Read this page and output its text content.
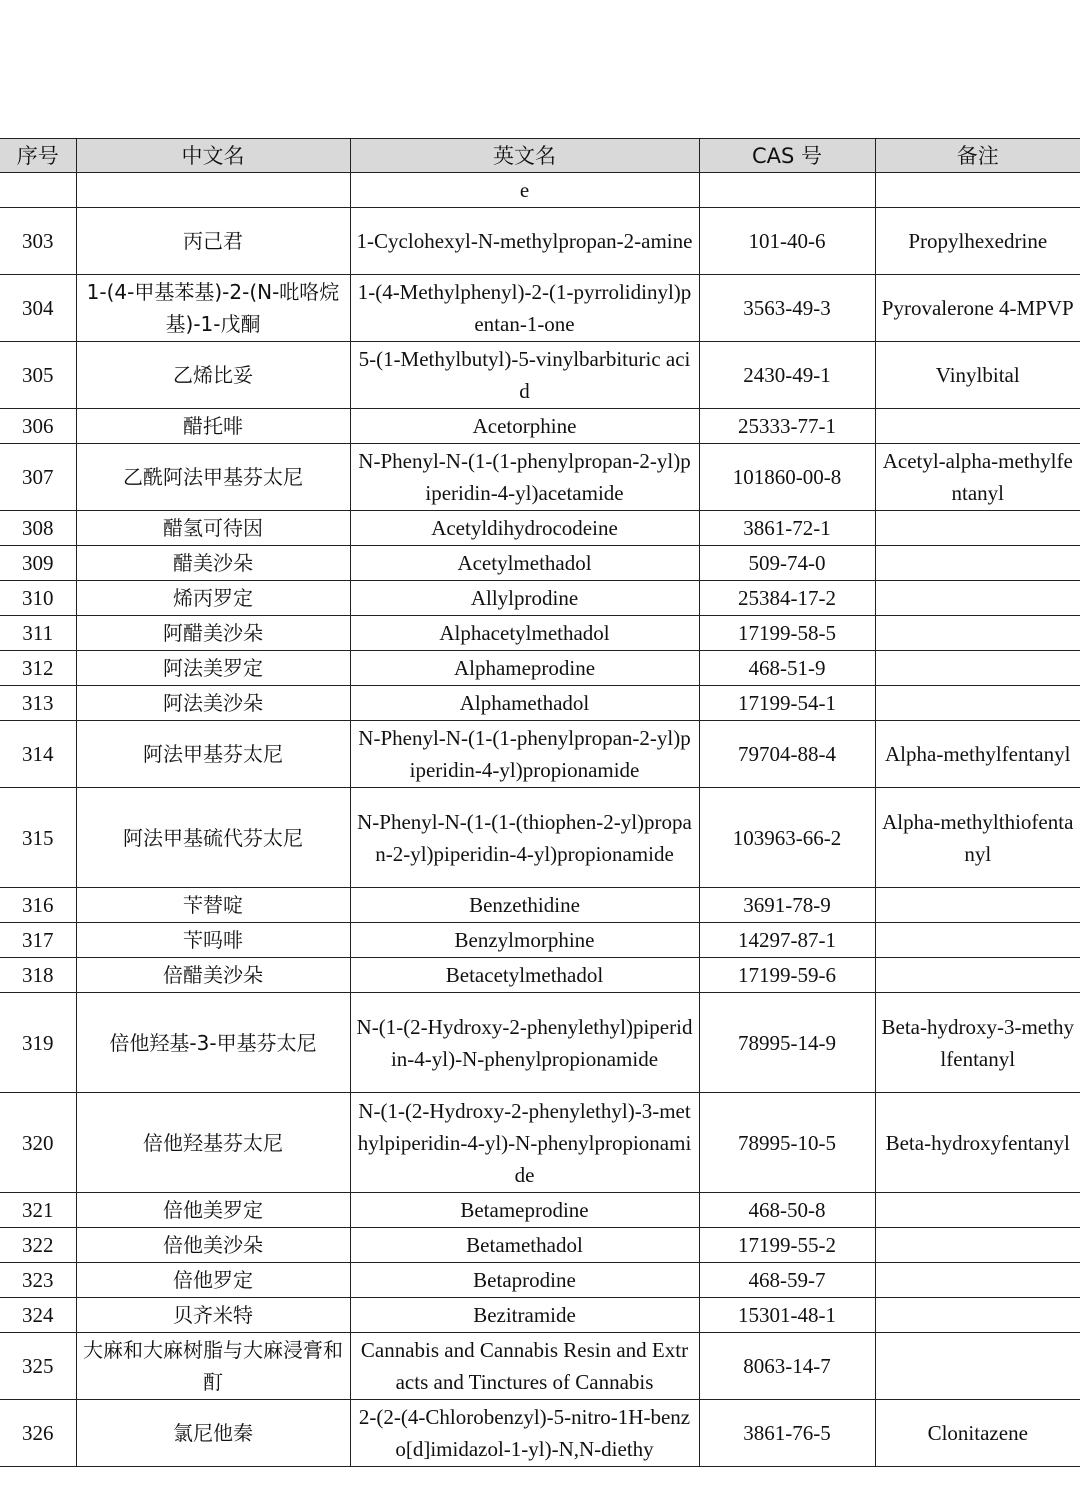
序号	中文名	英文名	CAS 号	备注
		e		
303	丙己君	1-Cyclohexyl-N-methylpropan-2-amine	101-40-6	Propylhexedrine
304	1-(4-甲基苯基)-2-(N-吡咯烷基)-1-戊酮	1-(4-Methylphenyl)-2-(1-pyrrolidinyl)pentan-1-one	3563-49-3	Pyrovalerone 4-MPVP
305	乙烯比妥	5-(1-Methylbutyl)-5-vinylbarbituric acid	2430-49-1	Vinylbital
306	醋托啡	Acetorphine	25333-77-1	
307	乙酰阿法甲基芬太尼	N-Phenyl-N-(1-(1-phenylpropan-2-yl)piperidin-4-yl)acetamide	101860-00-8	Acetyl-alpha-methylfentanyl
308	醋氢可待因	Acetyldihydrocodeine	3861-72-1	
309	醋美沙朵	Acetylmethadol	509-74-0	
310	烯丙罗定	Allylprodine	25384-17-2	
311	阿醋美沙朵	Alphacetylmethadol	17199-58-5	
312	阿法美罗定	Alphameprodine	468-51-9	
313	阿法美沙朵	Alphamethadol	17199-54-1	
314	阿法甲基芬太尼	N-Phenyl-N-(1-(1-phenylpropan-2-yl)piperidin-4-yl)propionamide	79704-88-4	Alpha-methylfentanyl
315	阿法甲基硫代芬太尼	N-Phenyl-N-(1-(1-(thiophen-2-yl)propan-2-yl)piperidin-4-yl)propionamide	103963-66-2	Alpha-methylthiofentanyl
316	苄替啶	Benzethidine	3691-78-9	
317	苄吗啡	Benzylmorphine	14297-87-1	
318	倍醋美沙朵	Betacetylmethadol	17199-59-6	
319	倍他羟基-3-甲基芬太尼	N-(1-(2-Hydroxy-2-phenylethyl)piperidin-4-yl)-N-phenylpropionamide	78995-14-9	Beta-hydroxy-3-methylfentanyl
320	倍他羟基芬太尼	N-(1-(2-Hydroxy-2-phenylethyl)-3-methylpiperidin-4-yl)-N-phenylpropionamide	78995-10-5	Beta-hydroxyfentanyl
321	倍他美罗定	Betameprodine	468-50-8	
322	倍他美沙朵	Betamethadol	17199-55-2	
323	倍他罗定	Betaprodine	468-59-7	
324	贝齐米特	Bezitramide	15301-48-1	
325	大麻和大麻树脂与大麻浸膏和酊	Cannabis and Cannabis Resin and Extracts and Tinctures of Cannabis	8063-14-7	
326	氯尼他秦	2-(2-(4-Chlorobenzyl)-5-nitro-1H-benzo[d]imidazol-1-yl)-N,N-diethy	3861-76-5	Clonitazene
